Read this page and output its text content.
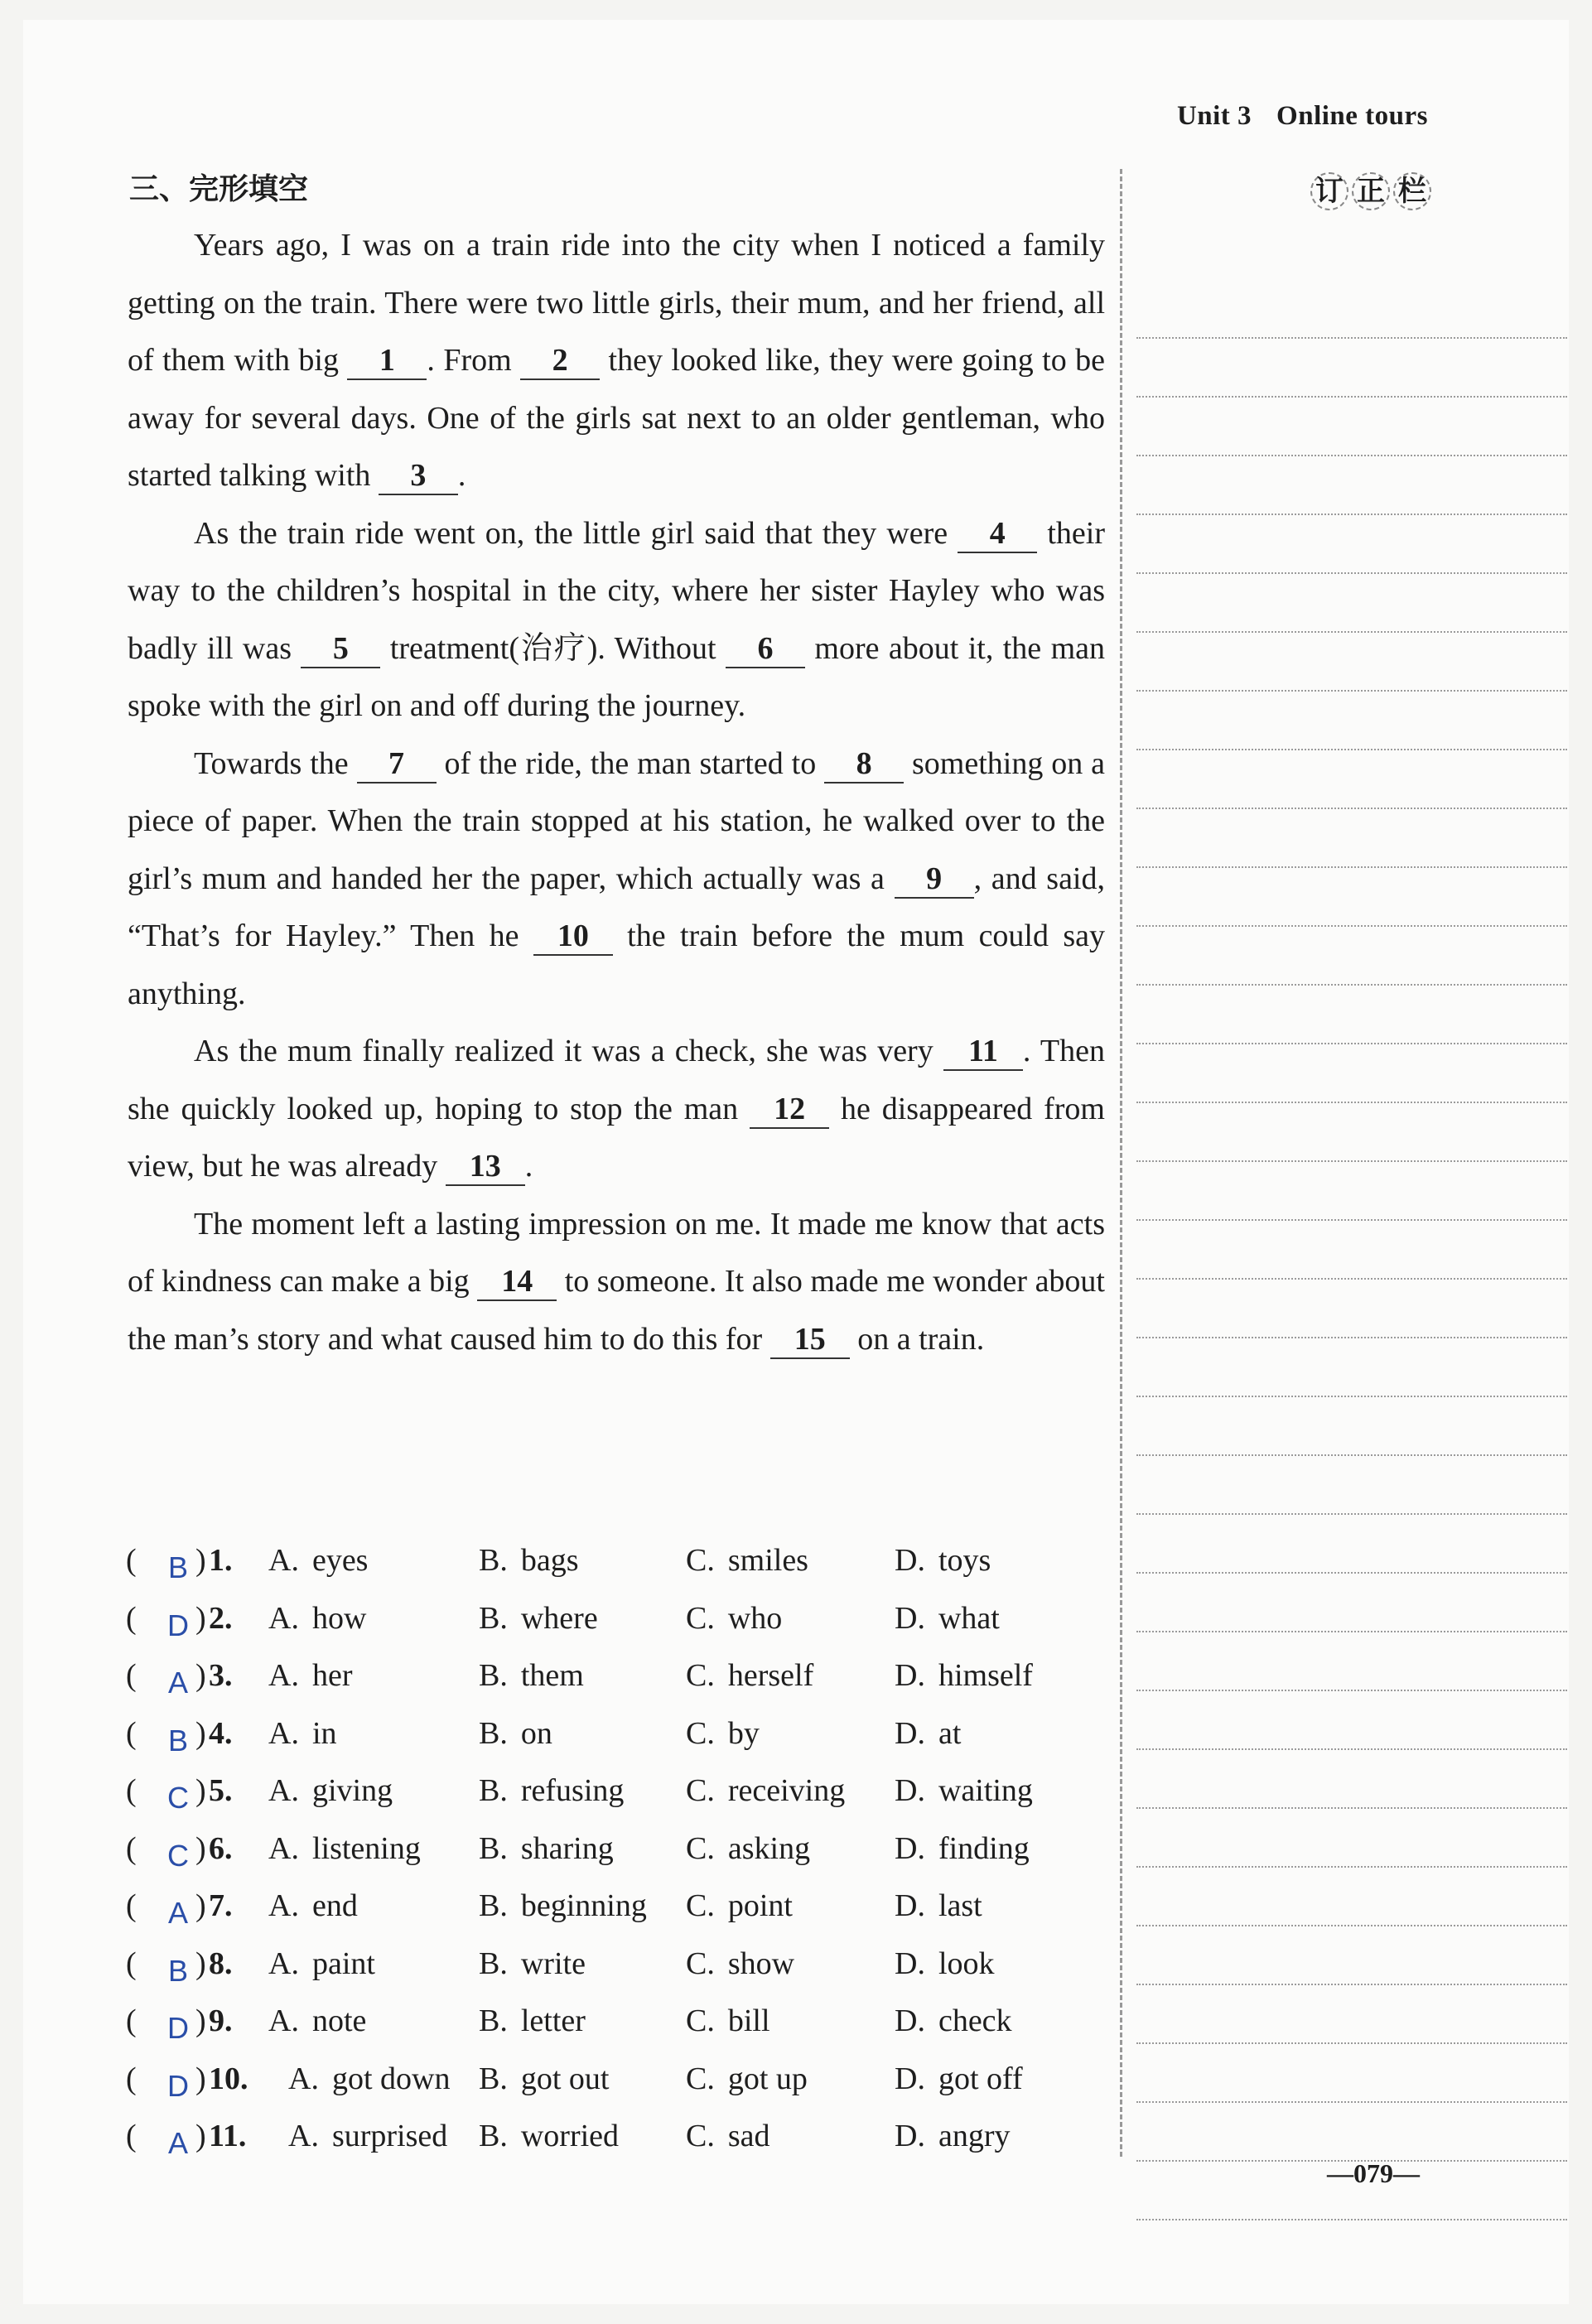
Unit 3 Online tours
三、完形填空	订 正 栏

Years ago, I was on a train ride into the city when I noticed a family getting on the train. There were two little girls, their mum, and her friend, all of them with big 1 . From 2 they looked like, they were going to be away for several days. One of the girls sat next to an older gentleman, who started talking with 3 .

As the train ride went on, the little girl said that they were 4 their way to the children’s hospital in the city, where her sister Hayley who was badly ill was 5 treatment(治疗). Without 6 more about it, the man spoke with the girl on and off during the journey.

Towards the 7 of the ride, the man started to 8 something on a piece of paper. When the train stopped at his station, he walked over to the girl’s mum and handed her the paper, which actually was a 9 , and said, “That’s for Hayley.” Then he 10 the train before the mum could say anything.

As the mum finally realized it was a check, she was very 11 . Then she quickly looked up, hoping to stop the man 12 he disappeared from view, but he was already 13 .

The moment left a lasting impression on me. It made me know that acts of kindness can make a big 14 to someone. It also made me wonder about the man’s story and what caused him to do this for 15 on a train.

(	B ) 1. A. eyes	B. bags	C. smiles	D. toys
(	D ) 2. A. how	B. where	C. who	D. what
(	A ) 3. A. her	B. them	C. herself	D. himself
(	B ) 4. A. in	B. on	C. by	D. at
(	C ) 5. A. giving	B. refusing C. receiving D. waiting
(	C ) 6. A. listening B. sharing C. asking	D. finding
(	A ) 7. A. end	B. beginning C. point	D. last
(	B ) 8. A. paint	B. write	C. show	D. look
(	D ) 9. A. note	B. letter	C. bill	D. check
(	D ) 10. A. got down B. got out C. got up	D. got off
(	A ) 11. A. surprised B. worried C. sad	D. angry
—079—
